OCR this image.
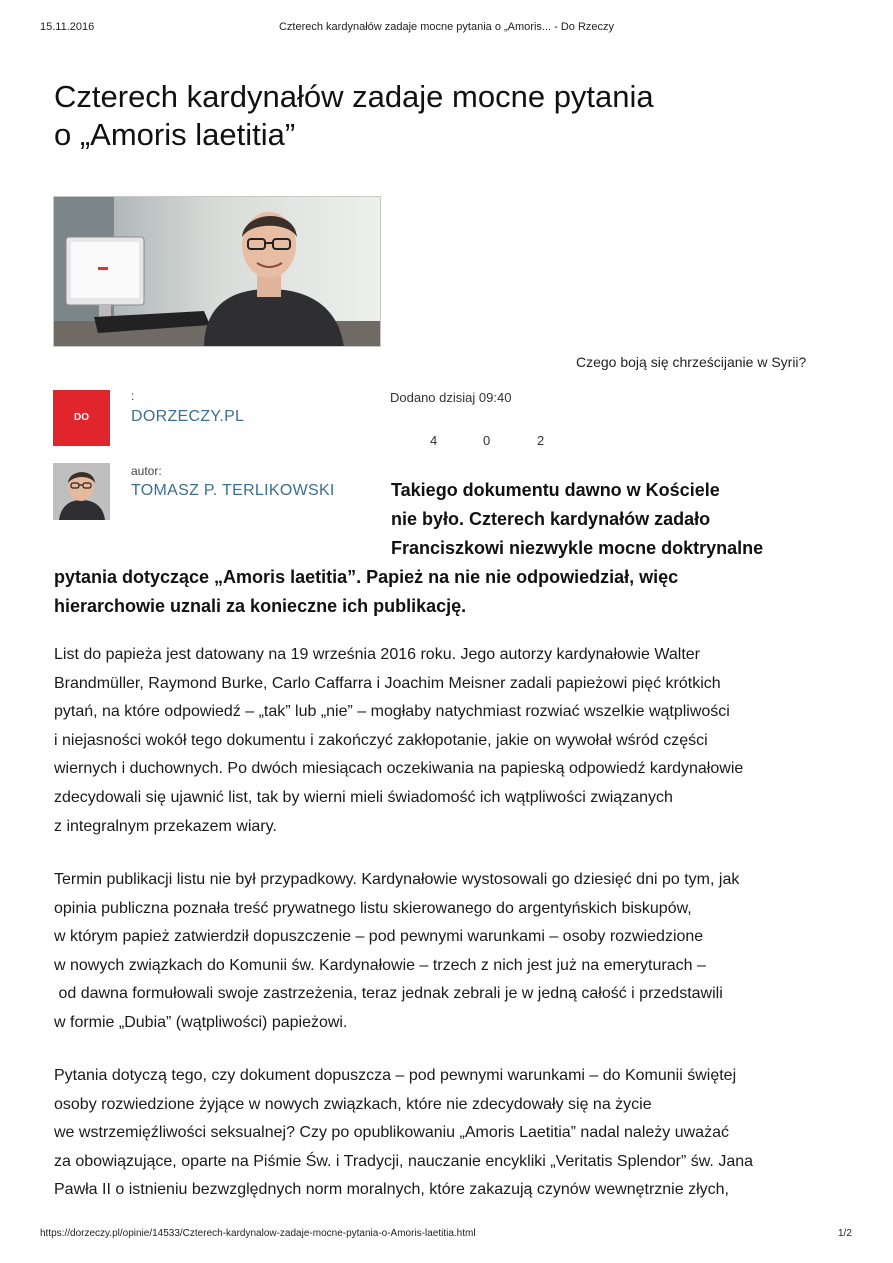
15.11.2016	Czterech kardynałów zadaje mocne pytania o „Amoris... - Do Rzeczy
Czterech kardynałów zadaje mocne pytania
o „Amoris laetitia”
Czego boją się chrześcijanie w Syrii?
DO
:
DORZECZY.PL
Dodano dzisiaj 09:40
4	0	2
autor:
TOMASZ P. TERLIKOWSKI	Takiego dokumentu dawno w Kościele
nie było. Czterech kardynałów zadało
Franciszkowi niezwykle mocne doktrynalne
pytania dotyczące „Amoris laetitia”. Papież na nie nie odpowiedział, więc
hierarchowie uznali za konieczne ich publikację.
List do papieża jest datowany na 19 września 2016 roku. Jego autorzy kardynałowie Walter
Brandmüller, Raymond Burke, Carlo Caffarra i Joachim Meisner zadali papieżowi pięć krótkich
pytań, na które odpowiedź – „tak” lub „nie” – mogłaby natychmiast rozwiać wszelkie wątpliwości
i niejasności wokół tego dokumentu i zakończyć zakłopotanie, jakie on wywołał wśród części
wiernych i duchownych. Po dwóch miesiącach oczekiwania na papieską odpowiedź kardynałowie
zdecydowali się ujawnić list, tak by wierni mieli świadomość ich wątpliwości związanych
z integralnym przekazem wiary.
Termin publikacji listu nie był przypadkowy. Kardynałowie wystosowali go dziesięć dni po tym, jak
opinia publiczna poznała treść prywatnego listu skierowanego do argentyńskich biskupów,
w którym papież zatwierdził dopuszczenie – pod pewnymi warunkami – osoby rozwiedzione
w nowych związkach do Komunii św. Kardynałowie – trzech z nich jest już na emeryturach –
od dawna formułowali swoje zastrzeżenia, teraz jednak zebrali je w jedną całość i przedstawili
w formie „Dubia” (wątpliwości) papieżowi.
Pytania dotyczą tego, czy dokument dopuszcza – pod pewnymi warunkami – do Komunii świętej
osoby rozwiedzione żyjące w nowych związkach, które nie zdecydowały się na życie
we wstrzemięźliwości seksualnej? Czy po opublikowaniu „Amoris Laetitia” nadal należy uważać
za obowiązujące, oparte na Piśmie Św. i Tradycji, nauczanie encykliki „Veritatis Splendor” św. Jana
Pawła II o istnieniu bezwzględnych norm moralnych, które zakazują czynów wewnętrznie złych,
https://dorzeczy.pl/opinie/14533/Czterech-kardynalow-zadaje-mocne-pytania-o-Amoris-laetitia.html	1/2
